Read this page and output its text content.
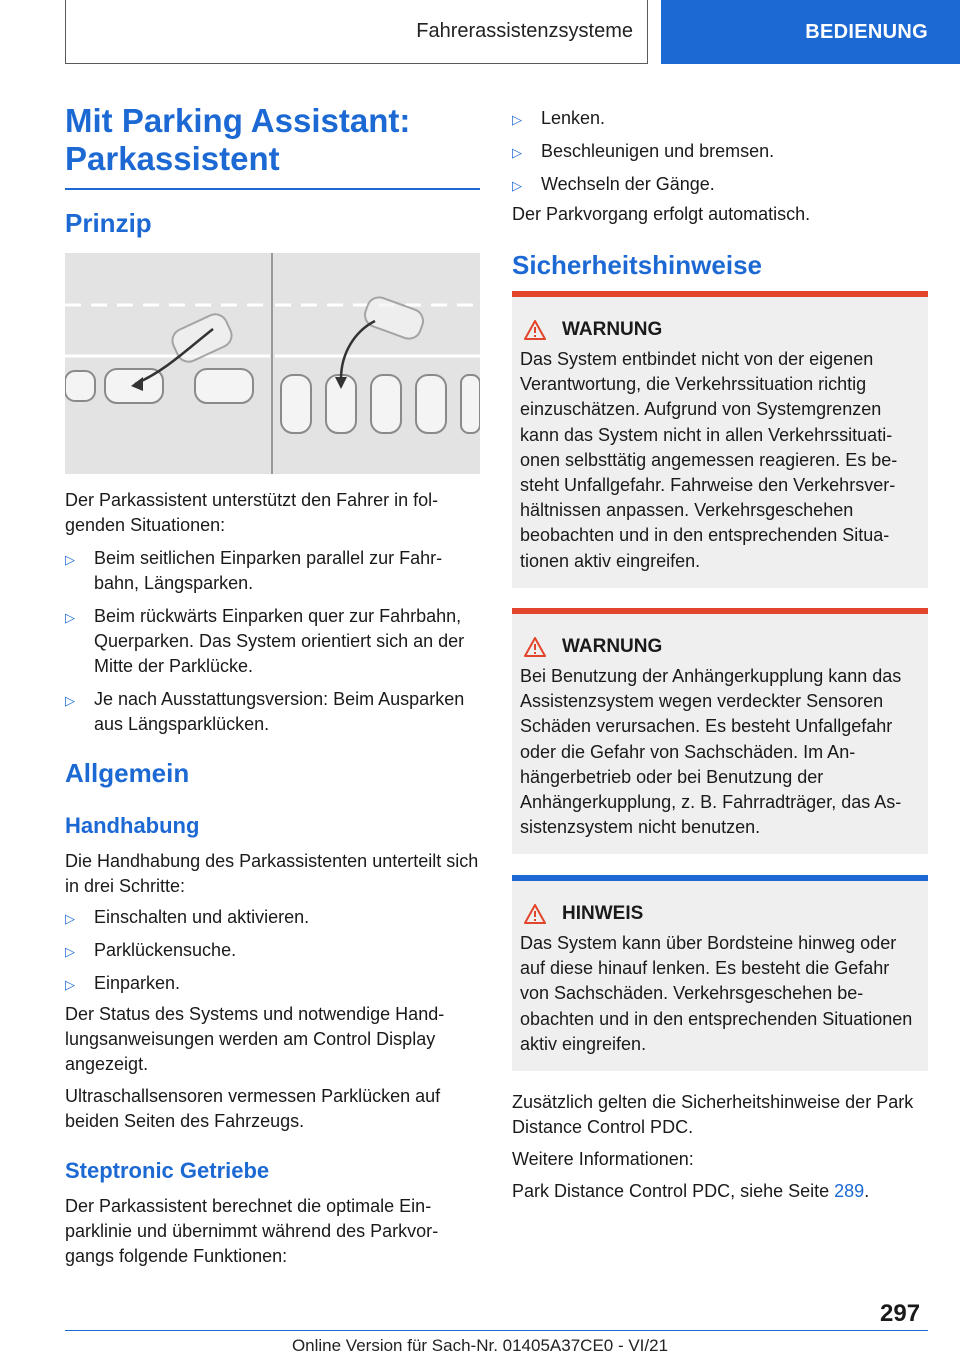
Fahrerassistenzsysteme	BEDIENUNG
Mit Parking Assistant: Parkassistent
Prinzip

Der Parkassistent unterstützt den Fahrer in folgenden Situationen:

▷ Beim seitlichen Einparken parallel zur Fahrbahn, Längsparken.
▷ Beim rückwärts Einparken quer zur Fahrbahn, Querparken. Das System orientiert sich an der Mitte der Parklücke.
▷ Je nach Ausstattungsversion: Beim Ausparken aus Längsparklücken.
Allgemein
Handhabung

Die Handhabung des Parkassistenten unterteilt sich in drei Schritte:

▷ Einschalten und aktivieren.
▷ Parklückensuche.
▷ Einparken.

Der Status des Systems und notwendige Handlungsanweisungen werden am Control Display angezeigt.

Ultraschallsensoren vermessen Parklücken auf beiden Seiten des Fahrzeugs.

Steptronic Getriebe

Der Parkassistent berechnet die optimale Einparklinie und übernimmt während des Parkvorgangs folgende Funktionen:

▷ Lenken.
▷ Beschleunigen und bremsen.
▷ Wechseln der Gänge.

Der Parkvorgang erfolgt automatisch.

Sicherheitshinweise
WARNUNG
Das System entbindet nicht von der eigenen Verantwortung, die Verkehrssituation richtig einzuschätzen. Aufgrund von Systemgrenzen kann das System nicht in allen Verkehrssituationen selbsttätig angemessen reagieren. Es besteht Unfallgefahr. Fahrweise den Verkehrsverhältnissen anpassen. Verkehrsgeschehen beobachten und in den entsprechenden Situationen aktiv eingreifen.
WARNUNG
Bei Benutzung der Anhängerkupplung kann das Assistenzsystem wegen verdeckter Sensoren Schäden verursachen. Es besteht Unfallgefahr oder die Gefahr von Sachschäden. Im Anhängerbetrieb oder bei Benutzung der Anhängerkupplung, z. B. Fahrradträger, das Assistenzsystem nicht benutzen.
HINWEIS
Das System kann über Bordsteine hinweg oder auf diese hinauf lenken. Es besteht die Gefahr von Sachschäden. Verkehrsgeschehen beobachten und in den entsprechenden Situationen aktiv eingreifen.

Zusätzlich gelten die Sicherheitshinweise der Park Distance Control PDC.

Weitere Informationen:

Park Distance Control PDC, siehe Seite 289.

297
Online Version für Sach-Nr. 01405A37CE0 - VI/21
